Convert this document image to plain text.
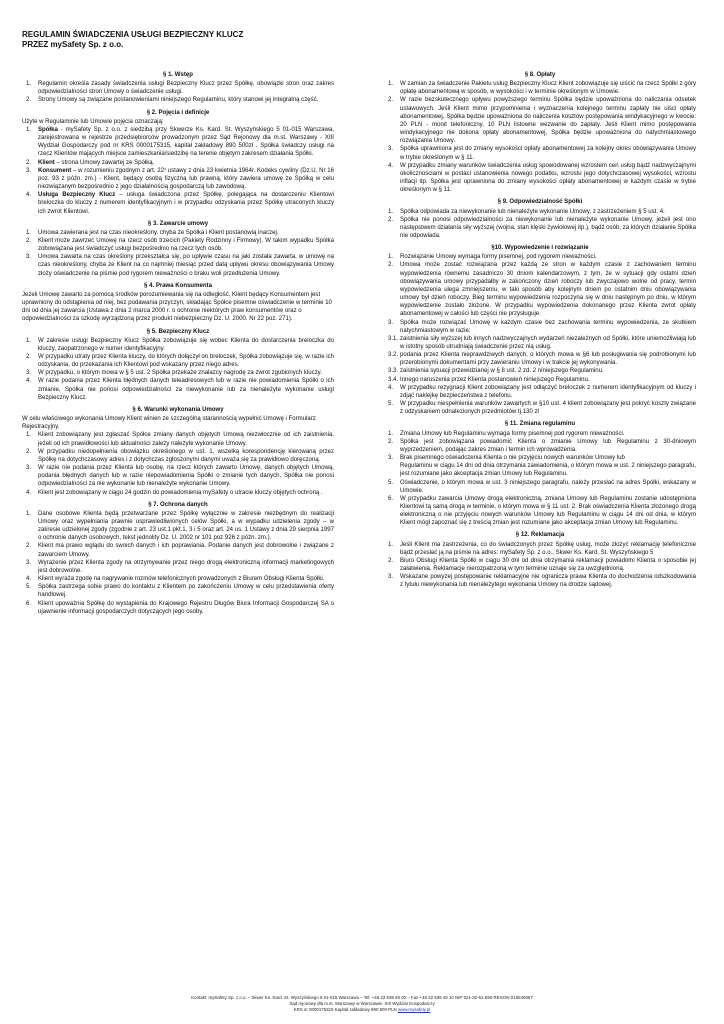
REGULAMIN ŚWIADCZENIA USŁUGI BEZPIECZNY KLUCZ
PRZEZ mySafety Sp. z o.o.
§ 1. Wstęp
1. Regulamin określa zasady świadczenia usługi Bezpieczny Klucz przez Spółkę, obowiązki stron oraz zakres odpowiedzialności stron Umowy o świadczenie usługi.
2. Strony Umowy są związane postanowieniami niniejszego Regulaminu, który stanowi jej integralną część.
§ 2. Pojęcia i definicje

Użyte w Regulaminie lub Umowie pojęcia oznaczają:

1. Spółka - mySafety Sp. z o.o. z siedzibą przy Skwerze Ks. Kard. St. Wyszyńskiego 5 01-015 Warszawa, zarejestrowana w rejestrze przedsiębiorców prowadzonym przez Sąd Rejonowy dla m.st. Warszawy - XIII Wydział Gospodarczy pod nr KRS 0000175315, kapitał zakładowy 890 500zł . Spółka świadczy usługi na rzecz Klientów mających miejsce zamieszkania/siedzibę na terenie objętym zakresem działania Spółki.
2. Klient – strona Umowy zawartej ze Spółką.
3. Konsument – w rozumieniu zgodnym z art. 22¹ ustawy z dnia 23 kwietnia 1964r. Kodeks cywilny (Dz.U. Nr 16 poz. 93 z późn. zm.) - Klient, będący osobą fizyczną lub prawną, który zawiera umowę ze Spółką w celu niezwiązanym bezpośrednio z jego działalnością gospodarczą lub zawodową.
4. Usługa Bezpieczny Klucz – usługa świadczona przez Spółkę, polegająca na dostarczeniu Klientowi breloczka do kluczy z numerem identyfikacyjnym i w przypadku odzyskania przez Spółkę utraconych kluczy ich zwrot Klientowi.
§ 3. Zawarcie umowy
1. Umowa zawierana jest na czas nieokreślony, chyba że Spółka i Klient postanowią inaczej.
2. Klient może zawrzeć Umowę na rzecz osób trzecich (Pakiety Rodzinny i Firmowy). W takim wypadku Spółka zobowiązana jest świadczyć usługi bezpośrednio na rzecz tych osób.
3. Umowa zawarta na czas określony przekształca się, po upływie czasu na jaki została zawarta, w umowę na czas nieokreślony, chyba że Klient na co najmniej miesiąc przed datą upływu okresu obowiązywania Umowy złoży oświadczenie na piśmie pod rygorem nieważności o braku woli przedłużenia Umowy.
§ 4. Prawa Konsumenta

Jeżeli Umowę zawarto za pomocą środków porozumiewania się na odległość, Klient będący Konsumentem jest uprawniony do odstąpienia od niej, bez podawania przyczyn, składając Spółce pisemne oświadczenie w terminie 10 dni od dnia jej zawarcia (Ustawa z dnia 2 marca 2000 r. o ochronie niektórych praw konsumentów oraz o odpowiedzialności za szkodę wyrządzoną przez produkt niebezpieczny Dz. U. 2000. Nr 22 poz. 271).

§ 5. Bezpieczny Klucz
1. W zakresie usługi Bezpieczny Klucz Spółka zobowiązuje się wobec Klienta do dostarczenia breloczka do kluczy, zaopatrzonego w numer identyfikacyjny.
2. W przypadku utraty przez Klienta kluczy, do których dołączył on breloczek, Spółka zobowiązuje się, w razie ich odzyskania, do przekazania ich Klientowi pod wskazany przez niego adres.
3. W przypadku, o którym mowa w § 5 ust. 2 Spółka przekaże znalazcy nagrodę za zwrot zgubionych kluczy.
4. W razie podania przez Klienta błędnych danych teleadresowych lub w razie nie powiadomienia Spółki o ich zmianie, Spółka nie ponosi odpowiedzialności za niewykonanie lub za nienależyte wykonanie usługi Bezpieczny Klucz.
§ 6. Warunki wykonania Umowy

W celu właściwego wykonania Umowy Klient winien ze szczególną starannością wypełnić Umowę i Formularz Rejestracyjny.

1. Klient zobowiązany jest zgłaszać Spółce zmiany danych objętych Umową niezwłocznie od ich zaistnienia, jeżeli od ich prawidłowości lub aktualności zależy należyte wykonanie Umowy.
2. W przypadku niedopełnienia obowiązku określonego w ust. 1, wszelką korespondencję kierowaną przez Spółkę na dotychczasowy adres i z dotychczas zgłoszonymi danymi uważa się za prawidłowo doręczoną.
3. W razie nie podania przez Klienta lub osobę, na rzecz których zawarto Umowę, danych objętych Umową, podania błędnych danych lub w razie niepowiadomienia Spółki o zmianie tych danych, Spółka nie ponosi odpowiedzialności za nie wykonanie lub nienależyte wykonanie Umowy.
4. Klient jest zobowiązany w ciągu 24 godzin do powiadomienia mySafety o utracie kluczy objętych ochroną .
§ 7. Ochrona danych
1. Dane osobowe Klienta będą przetwarzane przez Spółkę wyłącznie w zakresie niezbędnym do realizacji Umowy oraz wypełniania prawnie usprawiedliwionych celów Spółki, a w wypadku udzielenia zgody – w zakresie udzielonej zgody (zgodnie z art. 23 ust.1 pkt.1, 3 i 5 oraz art. 24 us. 1 Ustawy z dnia 29 sierpnia 1997 o ochronie danych osobowych, tekst jednolity Dz. U. 2002 nr 101 poz 926 z późn. zm.).
2. Klient ma prawo wglądu do swoich danych i ich poprawiania. Podanie danych jest dobrowolne i związane z zawarciem Umowy.
3. Wyrażenie przez Klienta zgody na otrzymywanie przez niego drogą elektroniczną informacji marketingowych jest dobrowolne.
4. Klient wyraża zgodę na nagrywanie rozmów telefonicznych prowadzonych z Biurem Obsługi Klienta Spółki.
5. Spółka zastrzega sobie prawo do kontaktu z Klientem po zakończeniu Umowy w celu przedstawienia oferty handlowej.
6. Klient upoważnia Spółkę do wystąpienia do Krajowego Rejestru Długów Biura Informacji Gospodarczej SA o ujawnienie informacji gospodarczych dotyczących jego osoby.
§ 8. Opłaty
1. W zamian za świadczenie Pakietu usług Bezpieczny Klucz Klient zobowiązuje się uiścić na rzecz Spółki z góry opłatę abonamentową w sposób, w wysokości i w terminie określonym w Umowie.
2. W razie bezskutecznego upływu powyższego terminu Spółka będzie upoważniona do naliczania odsetek ustawowych. Jeśli Klient mimo przypomnienia i wyznaczenia kolejnego terminu zapłaty nie uiści opłaty abonamentowej, Spółka będzie upoważniona do naliczenia kosztów postępowania windykacyjnego w kwocie: 20 PLN - monit telefoniczny, 10 PLN listowne wezwanie do zapłaty. Jeśli Klient mimo postępowania windykacyjnego nie dokona opłaty abonamentowej, Spółka będzie upoważniona do natychmiastowego rozwiązania Umowy.
3. Spółka uprawniona jest do zmiany wysokości opłaty abonamentowej za kolejny okres obowiązywania Umowy w trybie określonym w § 11.
4. W przypadku zmiany warunków świadczenia usług spowodowanej wzrostem cen usług bądź nadzwyczajnymi okolicznościami w postaci ustanowienia nowego podatku, wzrostu jego dotychczasowej wysokości, wzrostu inflacji itp. Spółka jest uprawniona do zmiany wysokości opłaty abonamentowej w każdym czasie w trybie określonym w § 11.
§ 9. Odpowiedzialność Spółki
1. Spółka odpowiada za niewykonanie lub nienależyte wykonanie Umowy, z zastrzeżeniem § 5 ust. 4.
2. Spółka nie ponosi odpowiedzialności za niewykonanie lub nienależyte wykonanie Umowy, jeżeli jest ono następstwem działania siły wyższej (wojna, stan klęski żywiołowej itp.), bądź osób, za których działanie Spółka nie odpowiada.
§10. Wypowiedzenie i rozwiązanie
1. Rozwiązanie Umowy wymaga formy pisemnej, pod rygorem nieważności.
2. Umowa może zostać rozwiązana przez każdą ze stron w każdym czasie z zachowaniem terminu wypowiedzenia równemu zasadniczo 30 dniom kalendarzowym, z tym, że w sytuacji gdy ostatni dzień obowiązywania umowy przypadałby w zakończony dzień roboczy lub zwyczajowo wolne od pracy, termin wypowiedzenia ulega zmniejszeniu, w taki sposób aby kolejnym dniem po ostatnim dniu obowiązywania umowy był dzień roboczy. Bieg terminu wypowiedzenia rozpoczyna się w dniu następnym po dniu, w którym wypowiedzenie zostało złożone. W przypadku wypowiedzenia dokonanego przez Klienta zwrot opłaty abonamentowej w całości lub części nie przysługuje.
3. Spółka może rozwiązać Umowę w każdym czasie bez zachowania terminu wypowiedzenia, ze skutkiem natychmiastowym w razie:
3.1. zaistnienia siły wyższej lub innych nadzwyczajnych wydarzeń niezależnych od Spółki, które uniemożliwiają lub w istotny sposób utrudniają świadczenie przez nią usług.
3.2. podania przez Klienta nieprawdziwych danych, o których mowa w §6 lub posługiwania się podrobionymi lub przerobionymi dokumentami przy zawieraniu Umowy i w trakcie jej wykonywania.
3.3. zaistnienia sytuacji przewidzianej w § 8 ust. 2 zd. 2 niniejszego Regulaminu.
3.4. Innego naruszenia przez Klienta postanowień niniejszego Regulaminu.
4. W przypadku rezygnacji Klient zobowiązany jest odłączyć breloczek z numerem identyfikacyjnym od kluczy i zdjąć naklejkę bezpieczeństwa z telefonu.
5. W przypadku niespełnienia warunków zawartych w §10 ust. 4 klient zobowiązany jest pokryć koszty związane z odzyskaniem odnalezionych przedmiotów tj.130 zł
§ 11. Zmiana regulaminu
1. Zmiana Umowy lub Regulaminu wymaga formy pisemnej pod rygorem nieważności.
2. Spółka jest zobowiązana powiadomić Klienta o zmianie Umowy lub Regulaminu z 30-dniowym wyprzedzeniem, podając zakres zmian i termin ich wprowadzenia.
3. Brak pisemnego oświadczenia Klienta o nie przyjęciu nowych warunków Umowy lub
Regulaminu w ciągu 14 dni od dnia otrzymania zawiadomienia, o którym mowa w ust. 2 niniejszego paragrafu, jest rozumiane jako akceptacja zmian Umowy lub Regulaminu.
5. Oświadczenie, o którym mowa w ust. 3 niniejszego paragrafu, należy przesłać na adres Spółki, wskazany w Umowie.
6. W przypadku zawarcia Umowy drogą elektroniczną, zmiana Umowy lub Regulaminu zostanie udostępniona Klientowi tą samą drogą w terminie, o którym mowa w § 11 ust. 2. Brak oświadczenia Klienta złożonego drogą elektroniczną o nie przyjęciu nowych warunków Umowy lub Regulaminu w ciągu 14 dni od dnia, w którym Klient mógł zapoznać się z treścią zmian jest rozumiane jako akceptacja zmian Umowy lub Regulaminu.
§ 12. Reklamacja
1. Jeśli Klient ma zastrzeżenia, co do świadczonych przez Spółkę usług, może złożyć reklamację telefonicznie bądź przesłać ją na piśmie na adres: mySafety Sp. z o.o., Skwer Ks. Kard. St. Wyszyńskiego 5
2. Biuro Obsługi Klienta Spółki w ciągu 30 dni od dnia otrzymania reklamacji powiadomi Klienta o sposobie jej załatwienia. Reklamacje nierozpatrzoną w tym terminie uznaje się za uwzględnioną.
3. Wskazane powyżej postępowanie reklamacyjne nie ogranicza prawa Klienta do dochodzenia odszkodowania z tytułu niewykonania lub nienależytego wykonania Umowy na drodze sądowej.
Kontakt: mySafety Sp. z o.o. – Skwer Ks. Kard. St. Wyszyńskiego 5 01-015 Warszawa – Tel: +48 22 539 49 00 – Fax +48 22 539 49 10 NIP 521-32-61-690 REGON 015540667
Sąd rejonowy dla m.st. Warszawy w Warszawie, XIII Wydział Gospodarczy
KRS nr 0000175315 Kapitał zakładowy 890 500 PLN www.mysafety.pl
